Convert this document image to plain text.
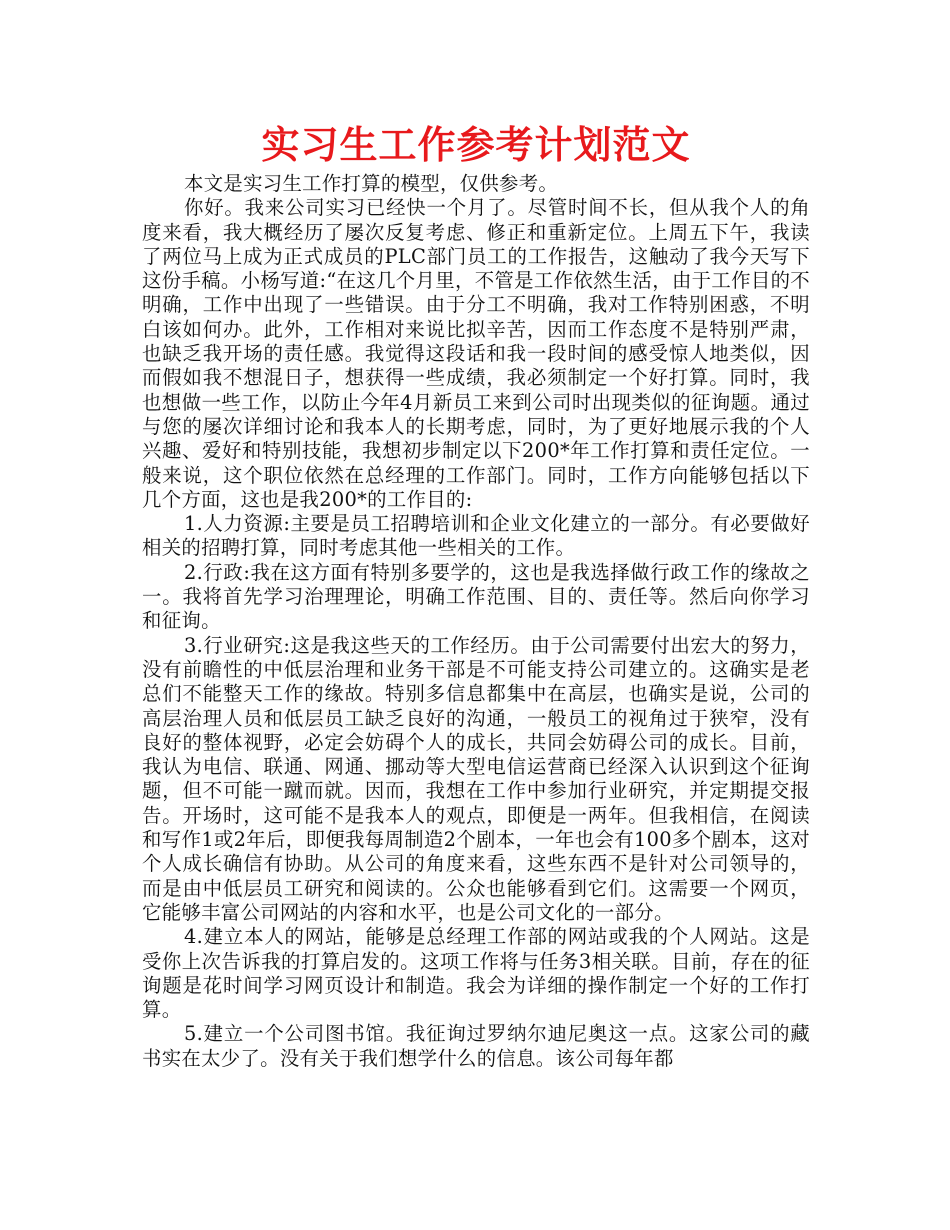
实习生工作参考计划范文

本文是实习生工作打算的模型，仅供参考。

你好。我来公司实习已经快一个月了。尽管时间不长，但从我个人的角度来看，我大概经历了屡次反复考虑、修正和重新定位。上周五下午，我读了两位马上成为正式成员的PLC部门员工的工作报告，这触动了我今天写下这份手稿。小杨写道:“在这几个月里，不管是工作依然生活，由于工作目的不明确，工作中出现了一些错误。由于分工不明确，我对工作特别困惑，不明白该如何办。此外，工作相对来说比拟辛苦，因而工作态度不是特别严肃，也缺乏我开场的责任感。我觉得这段话和我一段时间的感受惊人地类似，因而假如我不想混日子，想获得一些成绩，我必须制定一个好打算。同时，我也想做一些工作，以防止今年4月新员工来到公司时出现类似的征询题。通过与您的屡次详细讨论和我本人的长期考虑，同时，为了更好地展示我的个人兴趣、爱好和特别技能，我想初步制定以下200*年工作打算和责任定位。一般来说，这个职位依然在总经理的工作部门。同时，工作方向能够包括以下几个方面，这也是我200*的工作目的:

1.人力资源:主要是员工招聘培训和企业文化建立的一部分。有必要做好相关的招聘打算，同时考虑其他一些相关的工作。

2.行政:我在这方面有特别多要学的，这也是我选择做行政工作的缘故之一。我将首先学习治理理论，明确工作范围、目的、责任等。然后向你学习和征询。

3.行业研究:这是我这些天的工作经历。由于公司需要付出宏大的努力，没有前瞻性的中低层治理和业务干部是不可能支持公司建立的。这确实是老总们不能整天工作的缘故。特别多信息都集中在高层，也确实是说，公司的高层治理人员和低层员工缺乏良好的沟通，一般员工的视角过于狭窄，没有良好的整体视野，必定会妨碍个人的成长，共同会妨碍公司的成长。目前，我认为电信、联通、网通、挪动等大型电信运营商已经深入认识到这个征询题，但不可能一蹴而就。因而，我想在工作中参加行业研究，并定期提交报告。开场时，这可能不是我本人的观点，即便是一两年。但我相信，在阅读和写作1或2年后，即便我每周制造2个剧本，一年也会有100多个剧本，这对个人成长确信有协助。从公司的角度来看，这些东西不是针对公司领导的，而是由中低层员工研究和阅读的。公众也能够看到它们。这需要一个网页，它能够丰富公司网站的内容和水平，也是公司文化的一部分。

4.建立本人的网站，能够是总经理工作部的网站或我的个人网站。这是受你上次告诉我的打算启发的。这项工作将与任务3相关联。目前，存在的征询题是花时间学习网页设计和制造。我会为详细的操作制定一个好的工作打算。

5.建立一个公司图书馆。我征询过罗纳尔迪尼奥这一点。这家公司的藏书实在太少了。没有关于我们想学什么的信息。该公司每年都
